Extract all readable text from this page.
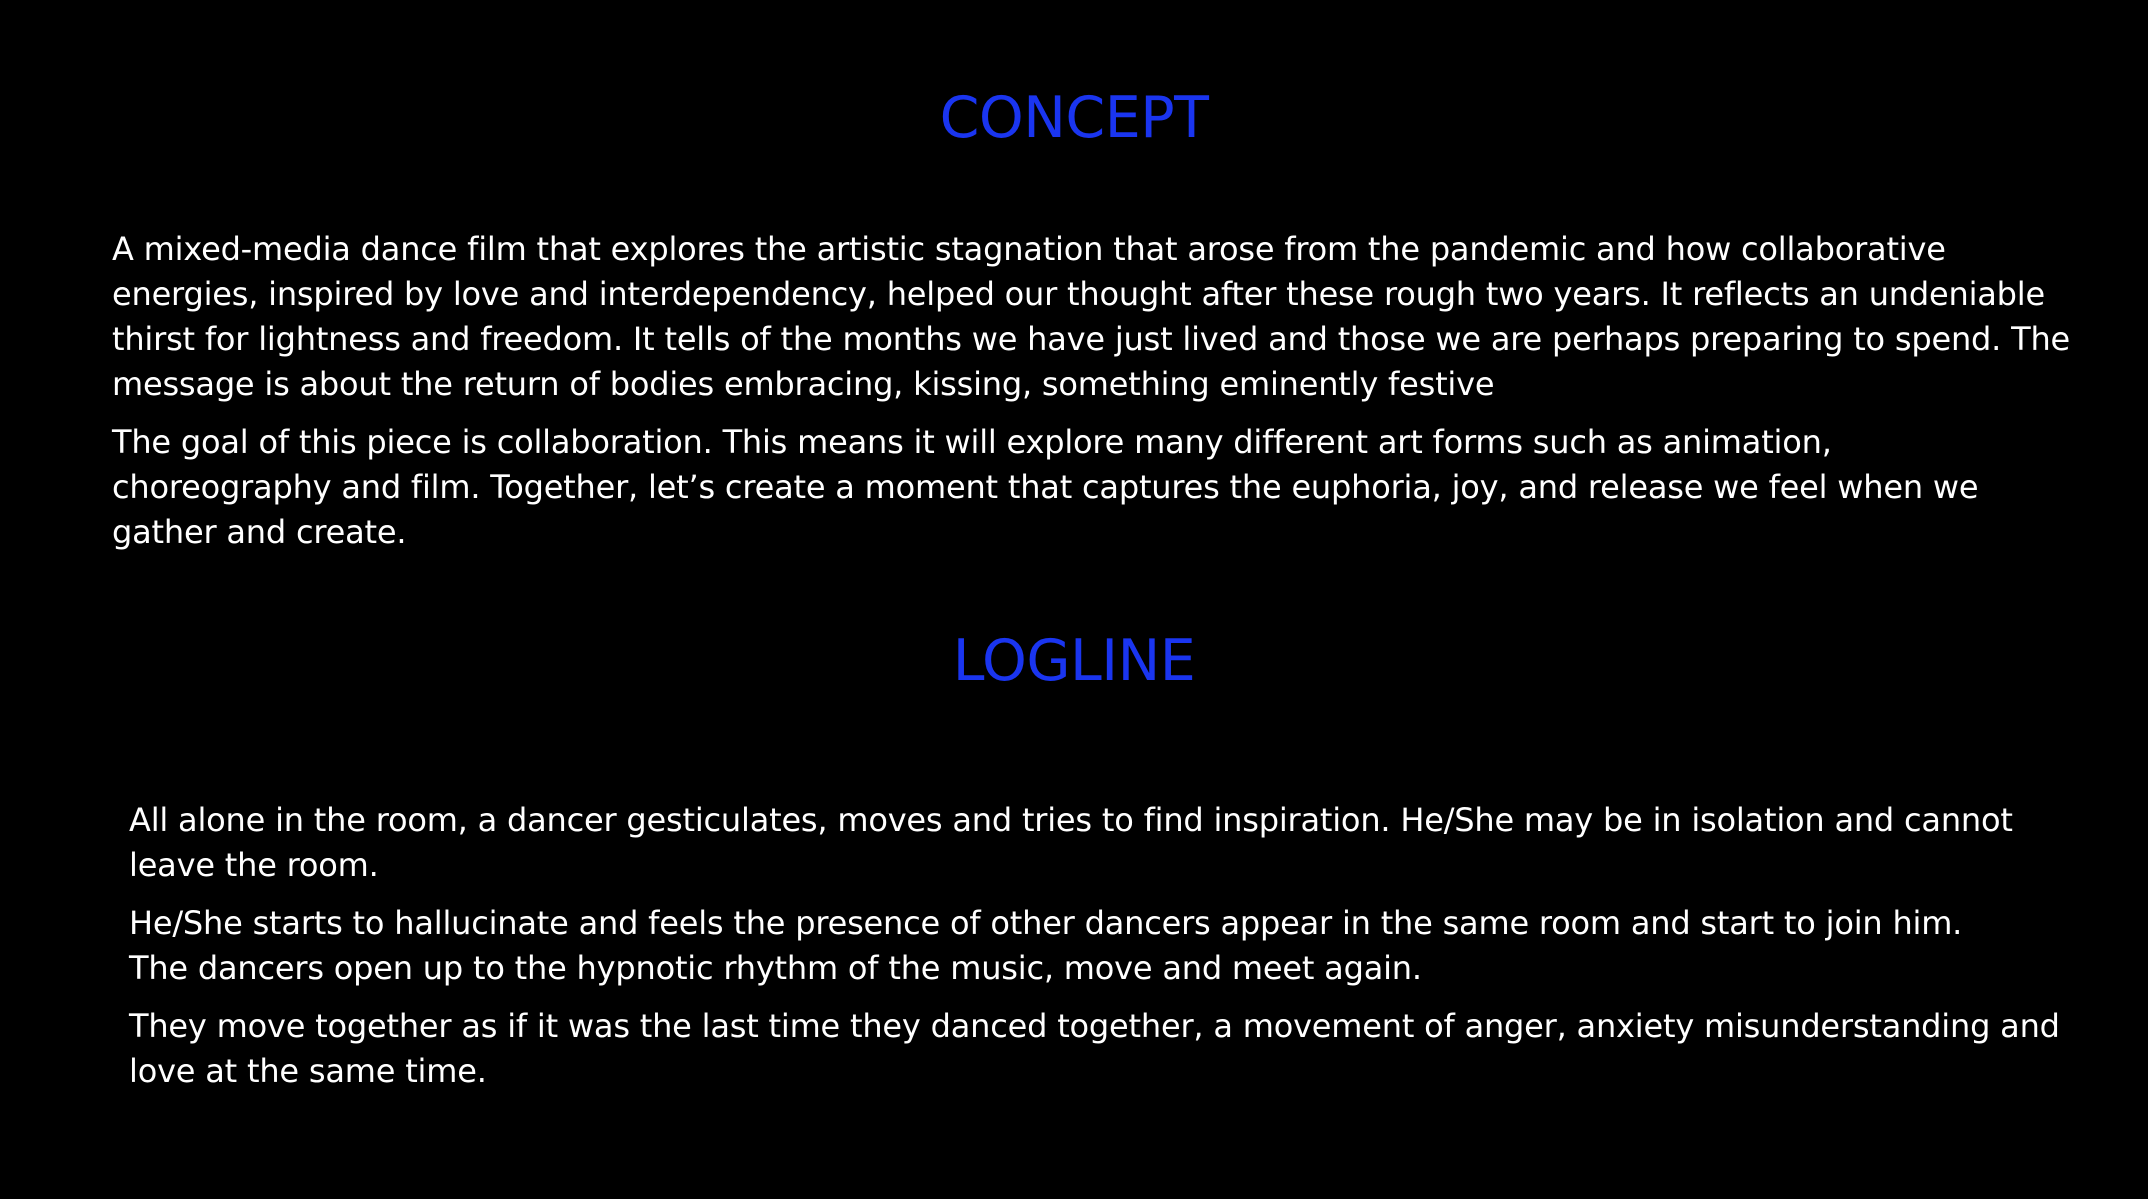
CONCEPT

A mixed-media dance film that explores the artistic stagnation that arose from the pandemic and how collaborative
energies, inspired by love and interdependency, helped our thought after these rough two years. It reflects an undeniable
thirst for lightness and freedom. It tells of the months we have just lived and those we are perhaps preparing to spend. The
message is about the return of bodies embracing, kissing, something eminently festive

The goal of this piece is collaboration. This means it will explore many different art forms such as animation,
choreography and film. Together, let’s create a moment that captures the euphoria, joy, and release we feel when we
gather and create.

LOGLINE

All alone in the room, a dancer gesticulates, moves and tries to find inspiration. He/She may be in isolation and cannot
leave the room.

He/She starts to hallucinate and feels the presence of other dancers appear in the same room and start to join him.
The dancers open up to the hypnotic rhythm of the music, move and meet again.

They move together as if it was the last time they danced together, a movement of anger, anxiety misunderstanding and
love at the same time.
